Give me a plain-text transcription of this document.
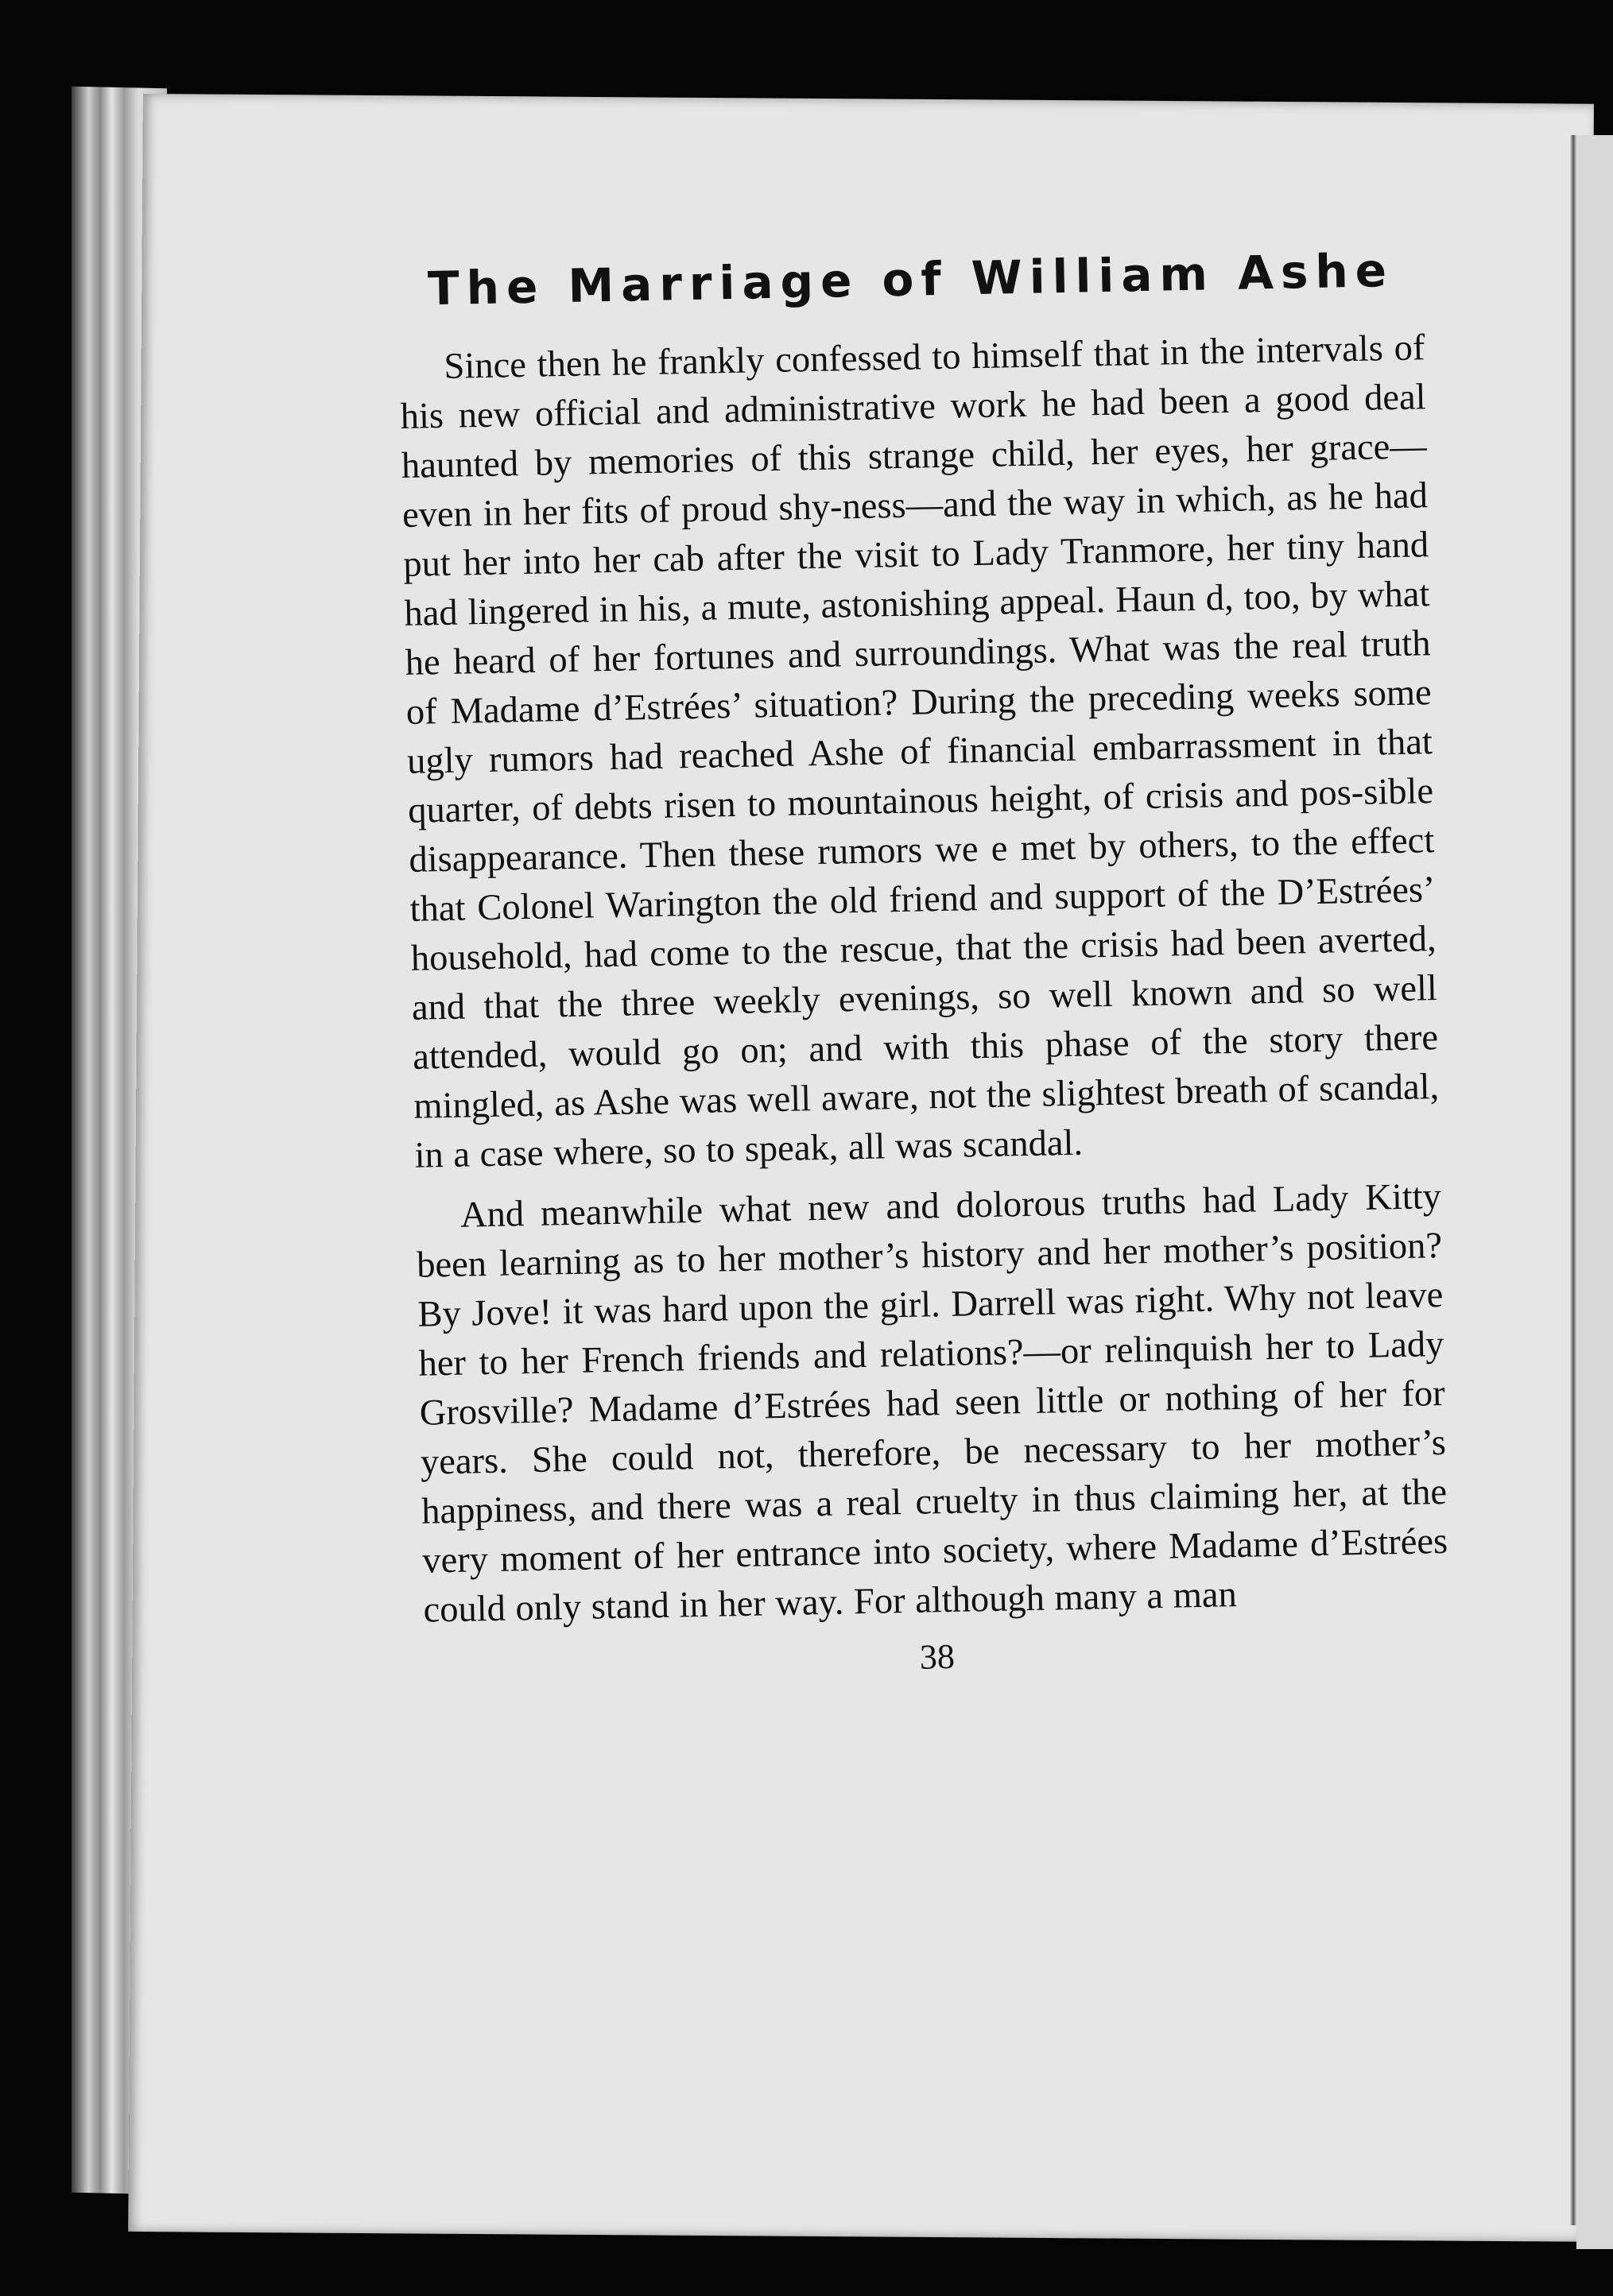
The Marriage of William Ashe

Since then he frankly confessed to himself that in the intervals of his new official and administrative work he had been a good deal haunted by memories of this strange child, her eyes, her grace—even in her fits of proud shy-ness—and the way in which, as he had put her into her cab after the visit to Lady Tranmore, her tiny hand had lingered in his, a mute, astonishing appeal. Haun d, too, by what he heard of her fortunes and surroundings. What was the real truth of Madame d’Estrées’ situation? During the preceding weeks some ugly rumors had reached Ashe of financial embarrassment in that quarter, of debts risen to mountainous height, of crisis and pos-sible disappearance. Then these rumors we e met by others, to the effect that Colonel Warington the old friend and support of the D’Estrées’ household, had come to the rescue, that the crisis had been averted, and that the three weekly evenings, so well known and so well attended, would go on; and with this phase of the story there mingled, as Ashe was well aware, not the slightest breath of scandal, in a case where, so to speak, all was scandal.

And meanwhile what new and dolorous truths had Lady Kitty been learning as to her mother’s history and her mother’s position? By Jove! it was hard upon the girl. Darrell was right. Why not leave her to her French friends and relations?—or relinquish her to Lady Grosville? Madame d’Estrées had seen little or nothing of her for years. She could not, therefore, be necessary to her mother’s happiness, and there was a real cruelty in thus claiming her, at the very moment of her entrance into society, where Madame d’Estrées could only stand in her way. For although many a man

38
